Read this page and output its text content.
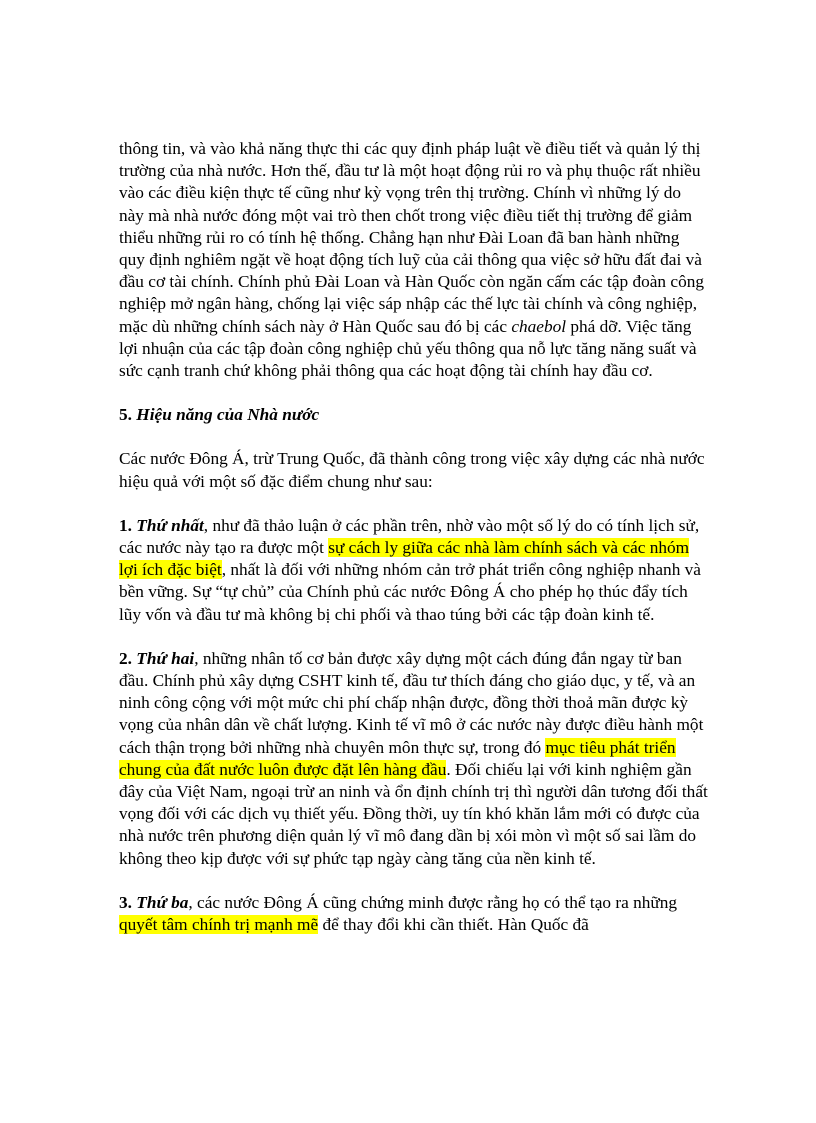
thông tin, và vào khả năng thực thi các quy định pháp luật về điều tiết và quản lý thị trường của nhà nước. Hơn thế, đầu tư là một hoạt động rủi ro và phụ thuộc rất nhiều vào các điều kiện thực tế cũng như kỳ vọng trên thị trường. Chính vì những lý do này mà nhà nước đóng một vai trò then chốt trong việc điều tiết thị trường để giảm thiểu những rủi ro có tính hệ thống. Chẳng hạn như Đài Loan đã ban hành những quy định nghiêm ngặt về hoạt động tích luỹ của cải thông qua việc sở hữu đất đai và đầu cơ tài chính. Chính phủ Đài Loan và Hàn Quốc còn ngăn cấm các tập đoàn công nghiệp mở ngân hàng, chống lại việc sáp nhập các thế lực tài chính và công nghiệp, mặc dù những chính sách này ở Hàn Quốc sau đó bị các chaebol phá dỡ. Việc tăng lợi nhuận của các tập đoàn công nghiệp chủ yếu thông qua nỗ lực tăng năng suất và sức cạnh tranh chứ không phải thông qua các hoạt động tài chính hay đầu cơ.

5. Hiệu năng của Nhà nước

Các nước Đông Á, trừ Trung Quốc, đã thành công trong việc xây dựng các nhà nước hiệu quả với một số đặc điểm chung như sau:

1. Thứ nhất, như đã thảo luận ở các phần trên, nhờ vào một số lý do có tính lịch sử, các nước này tạo ra được một sự cách ly giữa các nhà làm chính sách và các nhóm lợi ích đặc biệt, nhất là đối với những nhóm cản trở phát triển công nghiệp nhanh và bền vững. Sự “tự chủ” của Chính phủ các nước Đông Á cho phép họ thúc đẩy tích lũy vốn và đầu tư mà không bị chi phối và thao túng bởi các tập đoàn kinh tế.

2. Thứ hai, những nhân tố cơ bản được xây dựng một cách đúng đắn ngay từ ban đầu. Chính phủ xây dựng CSHT kinh tế, đầu tư thích đáng cho giáo dục, y tế, và an ninh công cộng với một mức chi phí chấp nhận được, đồng thời thoả mãn được kỳ vọng của nhân dân về chất lượng. Kinh tế vĩ mô ở các nước này được điều hành một cách thận trọng bởi những nhà chuyên môn thực sự, trong đó mục tiêu phát triển chung của đất nước luôn được đặt lên hàng đầu. Đối chiếu lại với kinh nghiệm gần đây của Việt Nam, ngoại trừ an ninh và ổn định chính trị thì người dân tương đối thất vọng đối với các dịch vụ thiết yếu. Đồng thời, uy tín khó khăn lắm mới có được của nhà nước trên phương diện quản lý vĩ mô đang dần bị xói mòn vì một số sai lầm do không theo kịp được với sự phức tạp ngày càng tăng của nền kinh tế.

3. Thứ ba, các nước Đông Á cũng chứng minh được rằng họ có thể tạo ra những quyết tâm chính trị mạnh mẽ để thay đổi khi cần thiết. Hàn Quốc đã
